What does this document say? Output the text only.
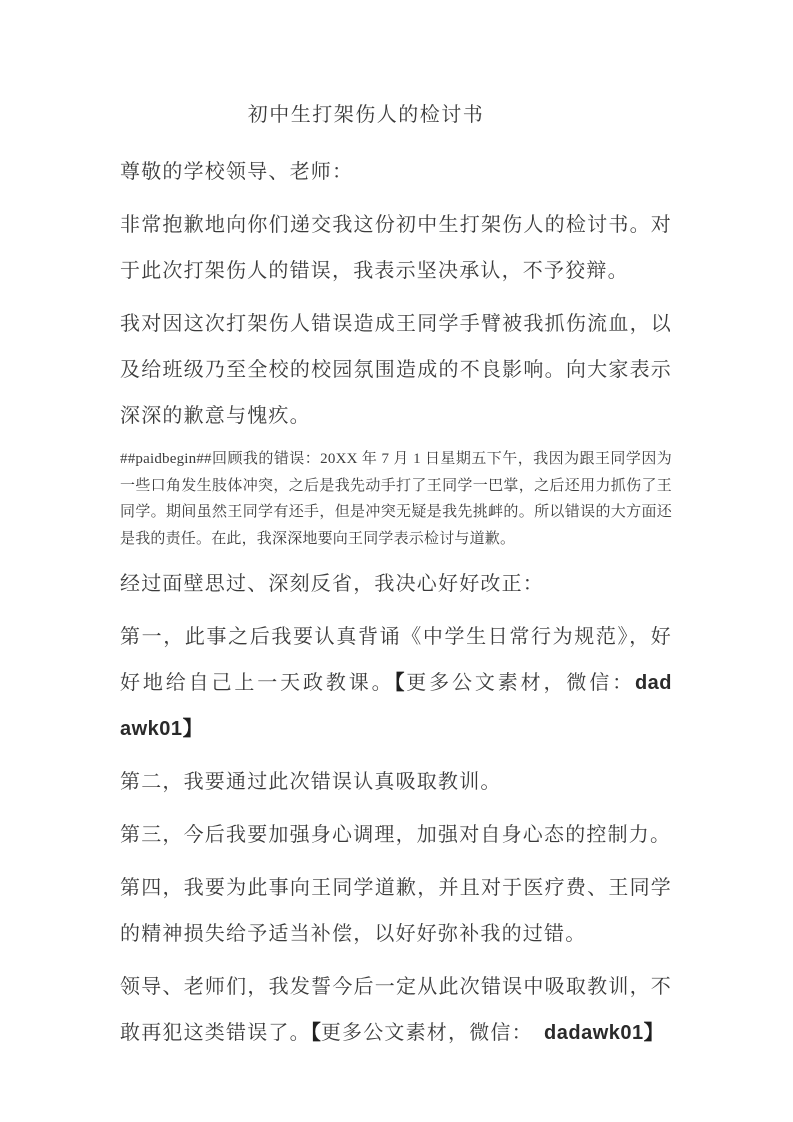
初中生打架伤人的检讨书

尊敬的学校领导、老师：

非常抱歉地向你们递交我这份初中生打架伤人的检讨书。对于此次打架伤人的错误，我表示坚决承认，不予狡辩。

我对因这次打架伤人错误造成王同学手臂被我抓伤流血，以及给班级乃至全校的校园氛围造成的不良影响。向大家表示深深的歉意与愧疚。

##paidbegin##回顾我的错误：20XX 年 7 月 1 日星期五下午，我因为跟王同学因为一些口角发生肢体冲突，之后是我先动手打了王同学一巴掌，之后还用力抓伤了王同学。期间虽然王同学有还手，但是冲突无疑是我先挑衅的。所以错误的大方面还是我的责任。在此，我深深地要向王同学表示检讨与道歉。

经过面壁思过、深刻反省，我决心好好改正：

第一，此事之后我要认真背诵《中学生日常行为规范》，好好地给自己上一天政教课。【更多公文素材，微信：dad awk01】

第二，我要通过此次错误认真吸取教训。

第三，今后我要加强身心调理，加强对自身心态的控制力。

第四，我要为此事向王同学道歉，并且对于医疗费、王同学的精神损失给予适当补偿，以好好弥补我的过错。

领导、老师们，我发誓今后一定从此次错误中吸取教训，不敢再犯这类错误了。【更多公文素材，微信：　dadawk01】
